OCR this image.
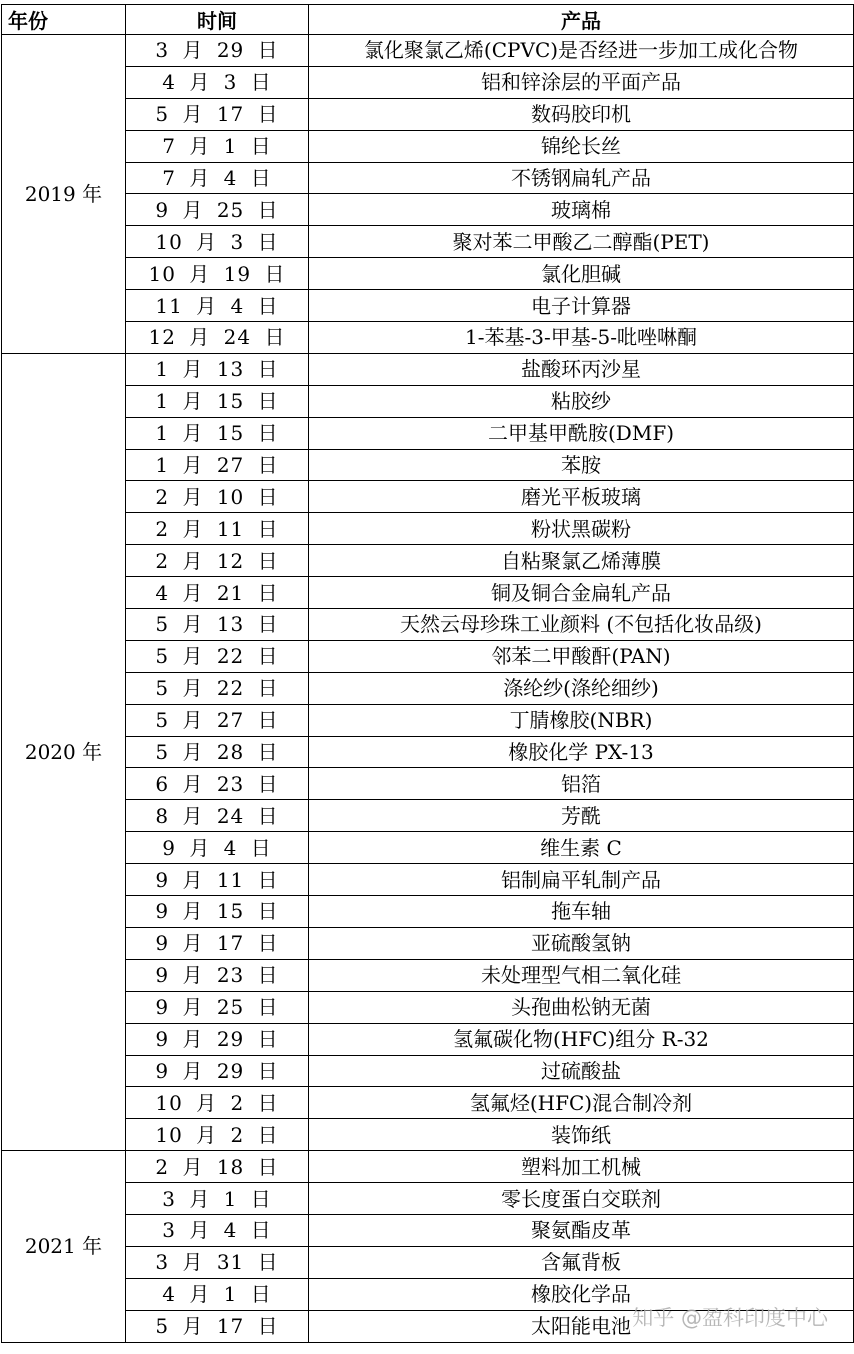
年份	时间	产品
2019 年	3 月 29 日	氯化聚氯乙烯(CPVC)是否经进一步加工成化合物
	4 月 3 日	铝和锌涂层的平面产品
	5 月 17 日	数码胶印机
	7 月 1 日	锦纶长丝
	7 月 4 日	不锈钢扁轧产品
	9 月 25 日	玻璃棉
	10 月 3 日	聚对苯二甲酸乙二醇酯(PET)
	10 月 19 日	氯化胆碱
	11 月 4 日	电子计算器
	12 月 24 日	1-苯基-3-甲基-5-吡唑啉酮
2020 年	1 月 13 日	盐酸环丙沙星
	1 月 15 日	粘胶纱
	1 月 15 日	二甲基甲酰胺(DMF)
	1 月 27 日	苯胺
	2 月 10 日	磨光平板玻璃
	2 月 11 日	粉状黑碳粉
	2 月 12 日	自粘聚氯乙烯薄膜
	4 月 21 日	铜及铜合金扁轧产品
	5 月 13 日	天然云母珍珠工业颜料 (不包括化妆品级)
	5 月 22 日	邻苯二甲酸酐(PAN)
	5 月 22 日	涤纶纱(涤纶细纱)
	5 月 27 日	丁腈橡胶(NBR)
	5 月 28 日	橡胶化学 PX-13
	6 月 23 日	铝箔
	8 月 24 日	芳酰
	9 月 4 日	维生素 C
	9 月 11 日	铝制扁平轧制产品
	9 月 15 日	拖车轴
	9 月 17 日	亚硫酸氢钠
	9 月 23 日	未处理型气相二氧化硅
	9 月 25 日	头孢曲松钠无菌
	9 月 29 日	氢氟碳化物(HFC)组分 R-32
	9 月 29 日	过硫酸盐
	10 月 2 日	氢氟烃(HFC)混合制冷剂
	10 月 2 日	装饰纸
2021 年	2 月 18 日	塑料加工机械
	3 月 1 日	零长度蛋白交联剂
	3 月 4 日	聚氨酯皮革
	3 月 31 日	含氟背板
	4 月 1 日	橡胶化学品
	5 月 17 日	太阳能电池 知乎 @盈科印度中心
